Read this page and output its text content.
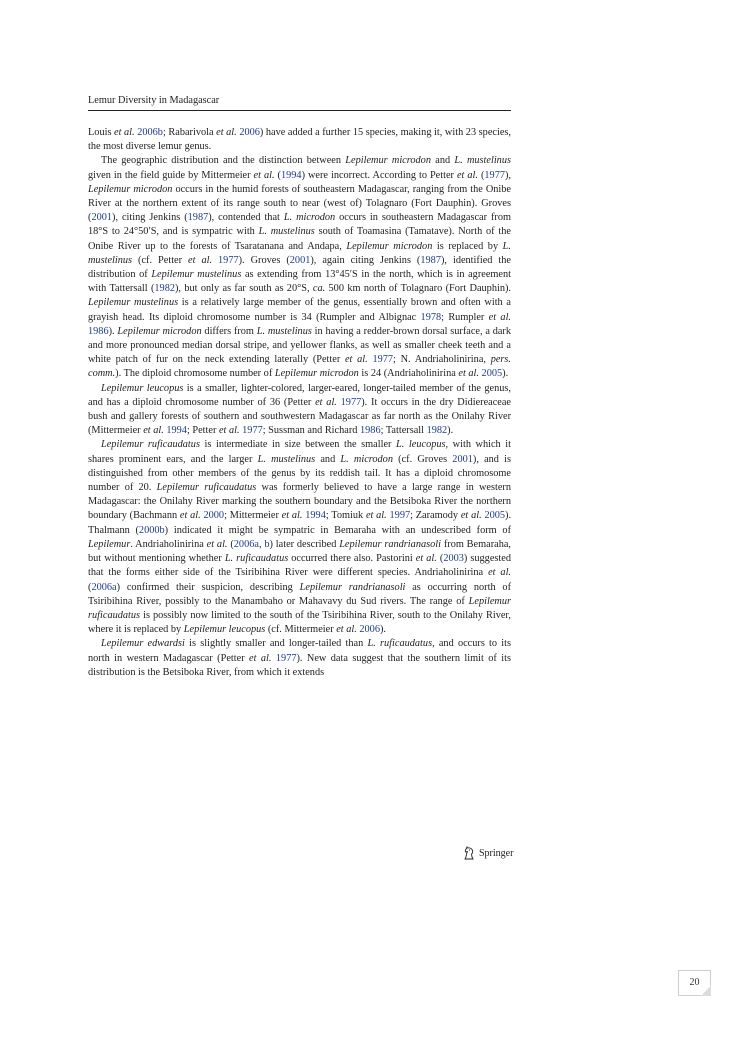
Lemur Diversity in Madagascar

Louis et al. 2006b; Rabarivola et al. 2006) have added a further 15 species, making it, with 23 species, the most diverse lemur genus.

The geographic distribution and the distinction between Lepilemur microdon and L. mustelinus given in the field guide by Mittermeier et al. (1994) were incorrect. According to Petter et al. (1977), Lepilemur microdon occurs in the humid forests of southeastern Madagascar, ranging from the Onibe River at the northern extent of its range south to near (west of) Tolagnaro (Fort Dauphin). Groves (2001), citing Jenkins (1987), contended that L. microdon occurs in southeastern Madagascar from 18°S to 24°50′S, and is sympatric with L. mustelinus south of Toamasina (Tamatave). North of the Onibe River up to the forests of Tsaratanana and Andapa, Lepilemur microdon is replaced by L. mustelinus (cf. Petter et al. 1977). Groves (2001), again citing Jenkins (1987), identified the distribution of Lepilemur mustelinus as extending from 13°45′S in the north, which is in agreement with Tattersall (1982), but only as far south as 20°S, ca. 500 km north of Tolagnaro (Fort Dauphin). Lepilemur mustelinus is a relatively large member of the genus, essentially brown and often with a grayish head. Its diploid chromosome number is 34 (Rumpler and Albignac 1978; Rumpler et al. 1986). Lepilemur microdon differs from L. mustelinus in having a redder-brown dorsal surface, a dark and more pronounced median dorsal stripe, and yellower flanks, as well as smaller cheek teeth and a white patch of fur on the neck extending laterally (Petter et al. 1977; N. Andriaholinirina, pers. comm.). The diploid chromosome number of Lepilemur microdon is 24 (Andriaholinirina et al. 2005).

Lepilemur leucopus is a smaller, lighter-colored, larger-eared, longer-tailed member of the genus, and has a diploid chromosome number of 36 (Petter et al. 1977). It occurs in the dry Didiereaceae bush and gallery forests of southern and southwestern Madagascar as far north as the Onilahy River (Mittermeier et al. 1994; Petter et al. 1977; Sussman and Richard 1986; Tattersall 1982).

Lepilemur ruficaudatus is intermediate in size between the smaller L. leucopus, with which it shares prominent ears, and the larger L. mustelinus and L. microdon (cf. Groves 2001), and is distinguished from other members of the genus by its reddish tail. It has a diploid chromosome number of 20. Lepilemur ruficaudatus was formerly believed to have a large range in western Madagascar: the Onilahy River marking the southern boundary and the Betsiboka River the northern boundary (Bachmann et al. 2000; Mittermeier et al. 1994; Tomiuk et al. 1997; Zaramody et al. 2005). Thalmann (2000b) indicated it might be sympatric in Bemaraha with an undescribed form of Lepilemur. Andriaholinirina et al. (2006a, b) later described Lepilemur randrianasoli from Bemaraha, but without mentioning whether L. ruficaudatus occurred there also. Pastorini et al. (2003) suggested that the forms either side of the Tsiribihina River were different species. Andriaholinirina et al. (2006a) confirmed their suspicion, describing Lepilemur randrianasoli as occurring north of Tsiribihina River, possibly to the Manambaho or Mahavavy du Sud rivers. The range of Lepilemur ruficaudatus is possibly now limited to the south of the Tsiribihina River, south to the Onilahy River, where it is replaced by Lepilemur leucopus (cf. Mittermeier et al. 2006).

Lepilemur edwardsi is slightly smaller and longer-tailed than L. ruficaudatus, and occurs to its north in western Madagascar (Petter et al. 1977). New data suggest that the southern limit of its distribution is the Betsiboka River, from which it extends

Springer
20
